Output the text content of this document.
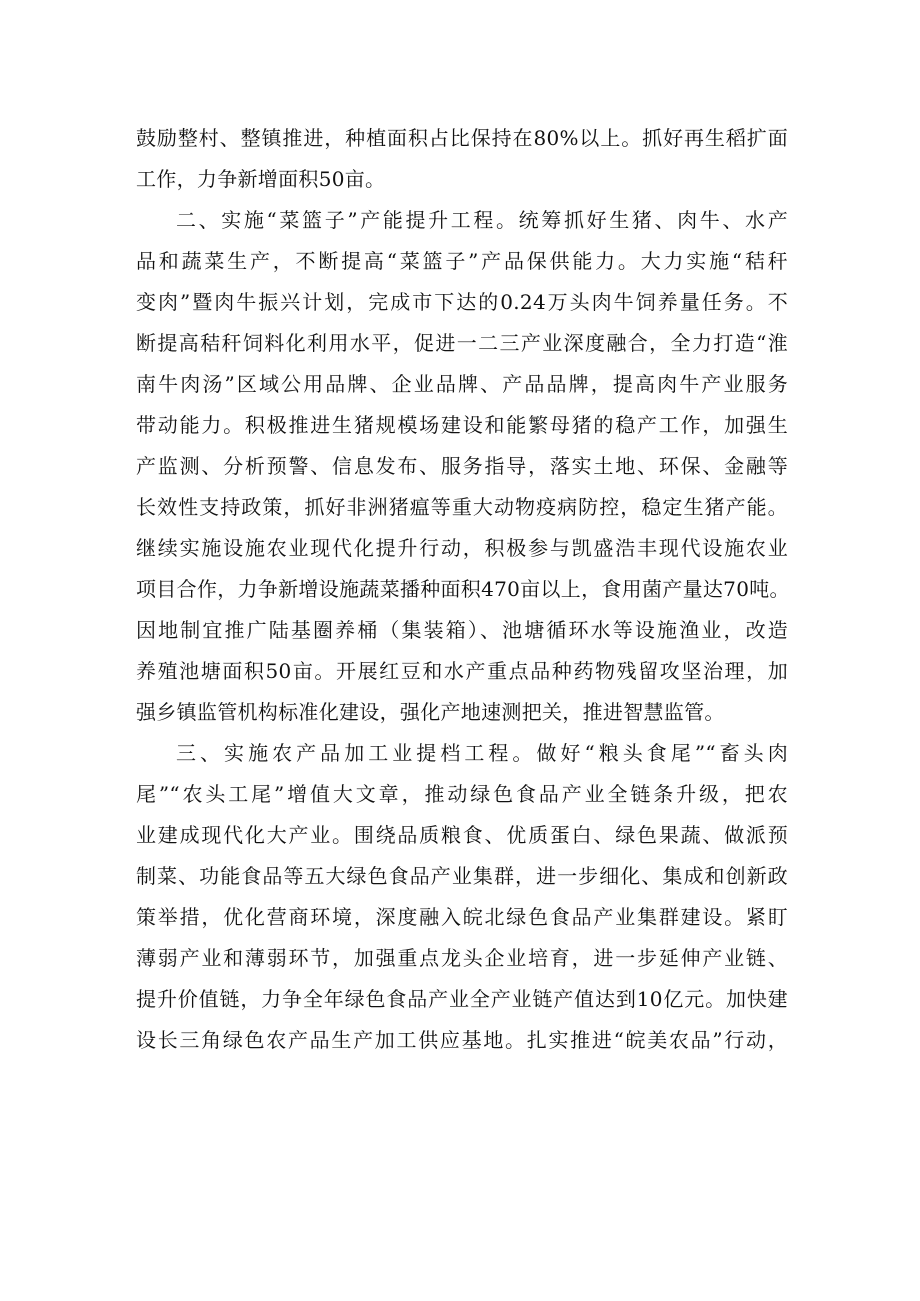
鼓励整村、整镇推进，种植面积占比保持在80%以上。抓好再生稻扩面
工作，力争新增面积50亩。
二、实施“菜篮子”产能提升工程。统筹抓好生猪、肉牛、水产
品和蔬菜生产，不断提高“菜篮子”产品保供能力。大力实施“秸秆
变肉”暨肉牛振兴计划，完成市下达的0.24万头肉牛饲养量任务。不
断提高秸秆饲料化利用水平，促进一二三产业深度融合，全力打造“淮
南牛肉汤”区域公用品牌、企业品牌、产品品牌，提高肉牛产业服务
带动能力。积极推进生猪规模场建设和能繁母猪的稳产工作，加强生
产监测、分析预警、信息发布、服务指导，落实土地、环保、金融等
长效性支持政策，抓好非洲猪瘟等重大动物疫病防控，稳定生猪产能。
继续实施设施农业现代化提升行动，积极参与凯盛浩丰现代设施农业
项目合作，力争新增设施蔬菜播种面积470亩以上，食用菌产量达70吨。
因地制宜推广陆基圈养桶（集装箱）、池塘循环水等设施渔业，改造
养殖池塘面积50亩。开展红豆和水产重点品种药物残留攻坚治理，加
强乡镇监管机构标准化建设，强化产地速测把关，推进智慧监管。
三、实施农产品加工业提档工程。做好“粮头食尾”“畜头肉
尾”“农头工尾”增值大文章，推动绿色食品产业全链条升级，把农
业建成现代化大产业。围绕品质粮食、优质蛋白、绿色果蔬、做派预
制菜、功能食品等五大绿色食品产业集群，进一步细化、集成和创新政
策举措，优化营商环境，深度融入皖北绿色食品产业集群建设。紧盯
薄弱产业和薄弱环节，加强重点龙头企业培育，进一步延伸产业链、
提升价值链，力争全年绿色食品产业全产业链产值达到10亿元。加快建
设长三角绿色农产品生产加工供应基地。扎实推进“皖美农品”行动，
